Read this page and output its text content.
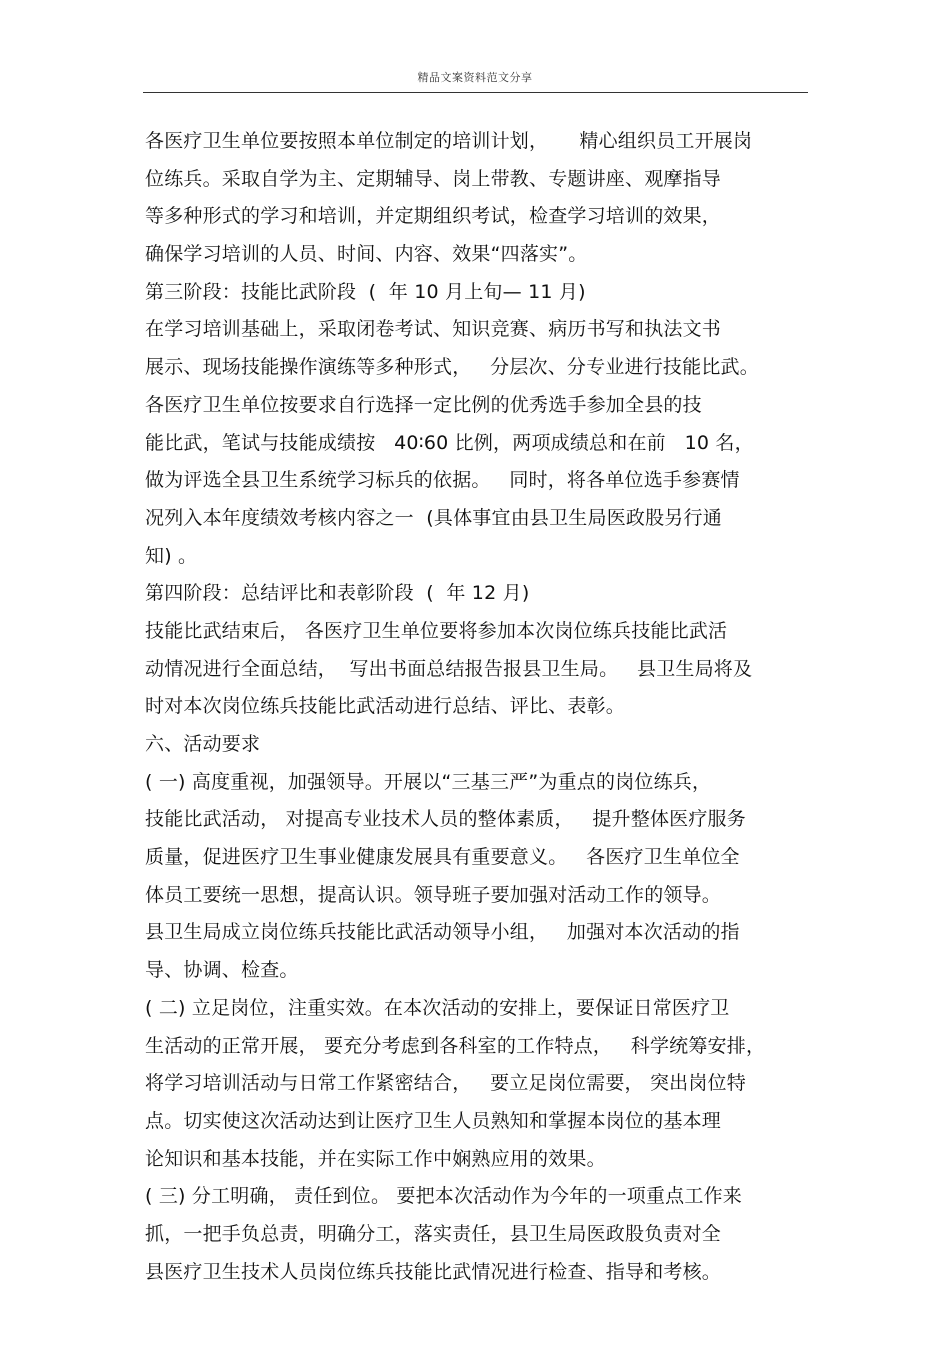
精品文案资料范文分享
各医疗卫生单位要按照本单位制定的培训计划，     精心组织员工开展岗
位练兵。采取自学为主、定期辅导、岗上带教、专题讲座、观摩指导
等多种形式的学习和培训，并定期组织考试，检查学习培训的效果，
确保学习培训的人员、时间、内容、效果“四落实”。
第三阶段：技能比武阶段  (  年 10 月上旬— 11 月)
在学习培训基础上，采取闭卷考试、知识竞赛、病历书写和执法文书
展示、现场技能操作演练等多种形式，   分层次、分专业进行技能比武。
各医疗卫生单位按要求自行选择一定比例的优秀选手参加全县的技
能比武，笔试与技能成绩按   40∶60 比例，两项成绩总和在前   10 名，
做为评选全县卫生系统学习标兵的依据。   同时，将各单位选手参赛情
况列入本年度绩效考核内容之一  (具体事宜由县卫生局医政股另行通
知) 。
第四阶段：总结评比和表彰阶段  (  年 12 月)
技能比武结束后， 各医疗卫生单位要将参加本次岗位练兵技能比武活
动情况进行全面总结，  写出书面总结报告报县卫生局。   县卫生局将及
时对本次岗位练兵技能比武活动进行总结、评比、表彰。
六、活动要求
( 一) 高度重视，加强领导。开展以“三基三严”为重点的岗位练兵，
技能比武活动， 对提高专业技术人员的整体素质，   提升整体医疗服务
质量，促进医疗卫生事业健康发展具有重要意义。   各医疗卫生单位全
体员工要统一思想，提高认识。领导班子要加强对活动工作的领导。
县卫生局成立岗位练兵技能比武活动领导小组，   加强对本次活动的指
导、协调、检查。
( 二) 立足岗位，注重实效。在本次活动的安排上，要保证日常医疗卫
生活动的正常开展， 要充分考虑到各科室的工作特点，   科学统筹安排，
将学习培训活动与日常工作紧密结合，   要立足岗位需要， 突出岗位特
点。切实使这次活动达到让医疗卫生人员熟知和掌握本岗位的基本理
论知识和基本技能，并在实际工作中娴熟应用的效果。
( 三) 分工明确， 责任到位。 要把本次活动作为今年的一项重点工作来
抓，一把手负总责，明确分工，落实责任，县卫生局医政股负责对全
县医疗卫生技术人员岗位练兵技能比武情况进行检查、指导和考核。
